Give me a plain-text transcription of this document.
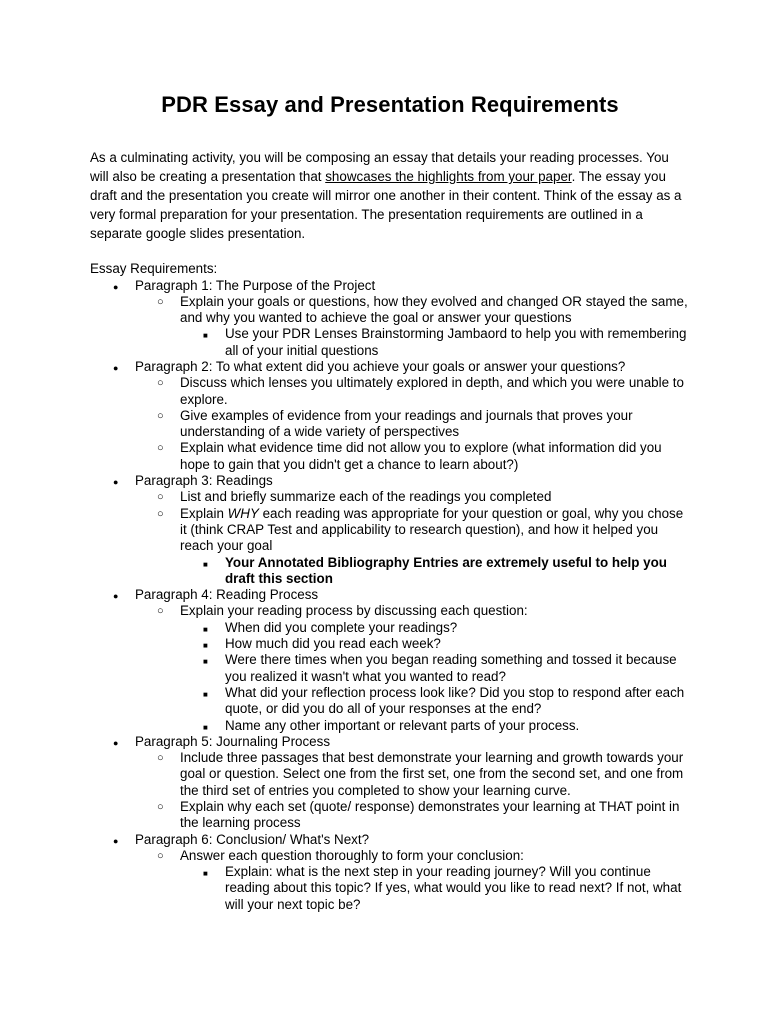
PDR Essay and Presentation Requirements

As a culminating activity, you will be composing an essay that details your reading processes. You will also be creating a presentation that showcases the highlights from your paper. The essay you draft and the presentation you create will mirror one another in their content. Think of the essay as a very formal preparation for your presentation. The presentation requirements are outlined in a separate google slides presentation.

Essay Requirements:

● Paragraph 1: The Purpose of the Project
○ Explain your goals or questions, how they evolved and changed OR stayed the same, and why you wanted to achieve the goal or answer your questions
■ Use your PDR Lenses Brainstorming Jambaord to help you with remembering all of your initial questions
● Paragraph 2: To what extent did you achieve your goals or answer your questions?
○ Discuss which lenses you ultimately explored in depth, and which you were unable to explore.
○ Give examples of evidence from your readings and journals that proves your understanding of a wide variety of perspectives
○ Explain what evidence time did not allow you to explore (what information did you hope to gain that you didn't get a chance to learn about?)
● Paragraph 3: Readings
○ List and briefly summarize each of the readings you completed
○ Explain WHY each reading was appropriate for your question or goal, why you chose it (think CRAP Test and applicability to research question), and how it helped you reach your goal
■ Your Annotated Bibliography Entries are extremely useful to help you draft this section
● Paragraph 4: Reading Process
○ Explain your reading process by discussing each question:
■ When did you complete your readings?
■ How much did you read each week?
■ Were there times when you began reading something and tossed it because you realized it wasn't what you wanted to read?
■ What did your reflection process look like? Did you stop to respond after each quote, or did you do all of your responses at the end?
■ Name any other important or relevant parts of your process.
● Paragraph 5: Journaling Process
○ Include three passages that best demonstrate your learning and growth towards your goal or question. Select one from the first set, one from the second set, and one from the third set of entries you completed to show your learning curve.
○ Explain why each set (quote/ response) demonstrates your learning at THAT point in the learning process
● Paragraph 6: Conclusion/ What's Next?
○ Answer each question thoroughly to form your conclusion:
■ Explain: what is the next step in your reading journey? Will you continue reading about this topic? If yes, what would you like to read next? If not, what will your next topic be?
